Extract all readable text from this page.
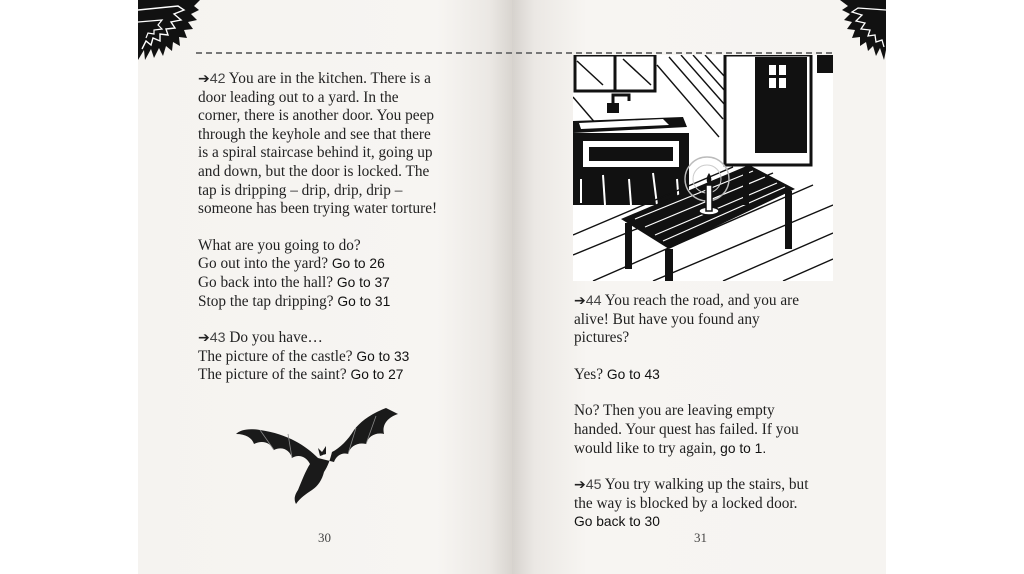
➔42 You are in the kitchen. There is a
door leading out to a yard. In the
corner, there is another door. You peep
through the keyhole and see that there
is a spiral staircase behind it, going up
and down, but the door is locked. The
tap is dripping – drip, drip, drip –
someone has been trying water torture!
What are you going to do?
Go out into the yard? Go to 26
Go back into the hall? Go to 37
Stop the tap dripping? Go to 31
➔43 Do you have…
The picture of the castle? Go to 33
The picture of the saint? Go to 27
30
➔44 You reach the road, and you are
alive! But have you found any
pictures?
Yes? Go to 43
No? Then you are leaving empty
handed. Your quest has failed. If you
would like to try again, go to 1.
➔45 You try walking up the stairs, but
the way is blocked by a locked door.
Go back to 30
31
